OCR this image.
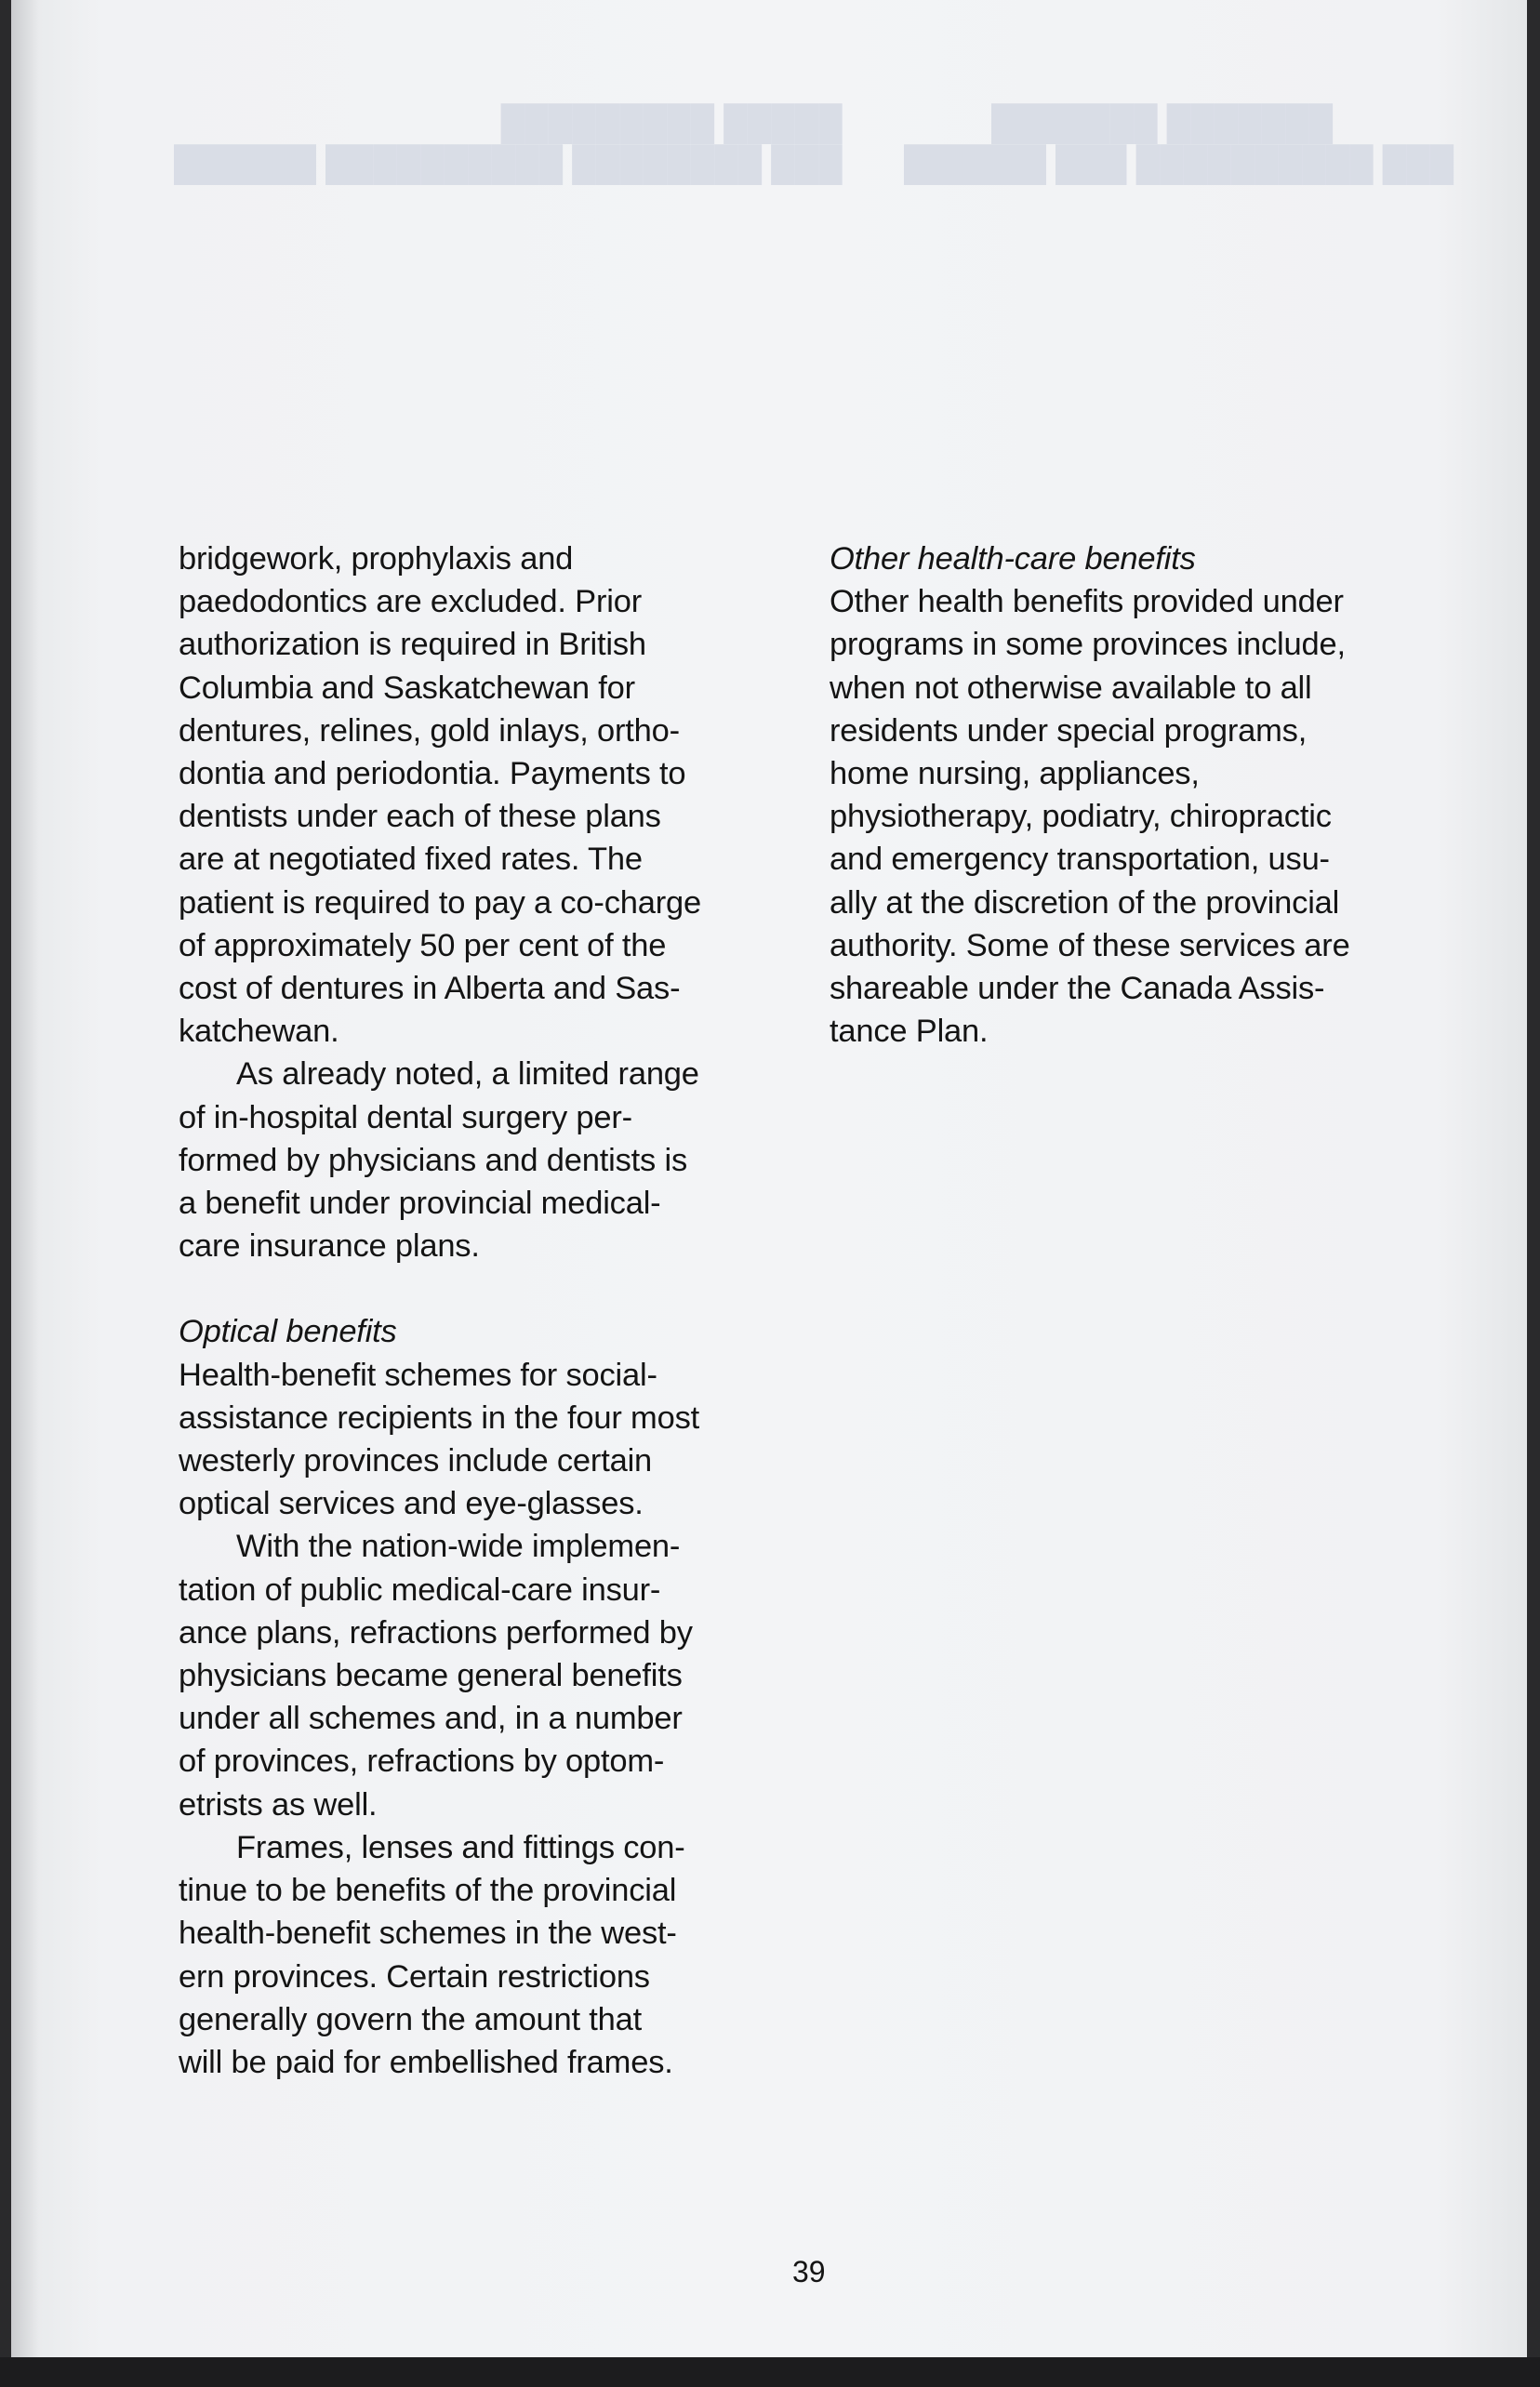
█████ █████████
███ ████████ ██████████ ██████
███████ ███████
███ ██████████ ███ ██████

bridgework, prophylaxis and
paedodontics are excluded. Prior
authorization is required in British
Columbia and Saskatchewan for
dentures, relines, gold inlays, ortho-
dontia and periodontia. Payments to
dentists under each of these plans
are at negotiated fixed rates. The
patient is required to pay a co-charge
of approximately 50 per cent of the
cost of dentures in Alberta and Sas-
katchewan.

As already noted, a limited range
of in-hospital dental surgery per-
formed by physicians and dentists is
a benefit under provincial medical-
care insurance plans.

Optical benefits

Health-benefit schemes for social-
assistance recipients in the four most
westerly provinces include certain
optical services and eye-glasses.

With the nation-wide implemen-
tation of public medical-care insur-
ance plans, refractions performed by
physicians became general benefits
under all schemes and, in a number
of provinces, refractions by optom-
etrists as well.

Frames, lenses and fittings con-
tinue to be benefits of the provincial
health-benefit schemes in the west-
ern provinces. Certain restrictions
generally govern the amount that
will be paid for embellished frames.

Other health-care benefits

Other health benefits provided under
programs in some provinces include,
when not otherwise available to all
residents under special programs,
home nursing, appliances,
physiotherapy, podiatry, chiropractic
and emergency transportation, usu-
ally at the discretion of the provincial
authority. Some of these services are
shareable under the Canada Assis-
tance Plan.

39
